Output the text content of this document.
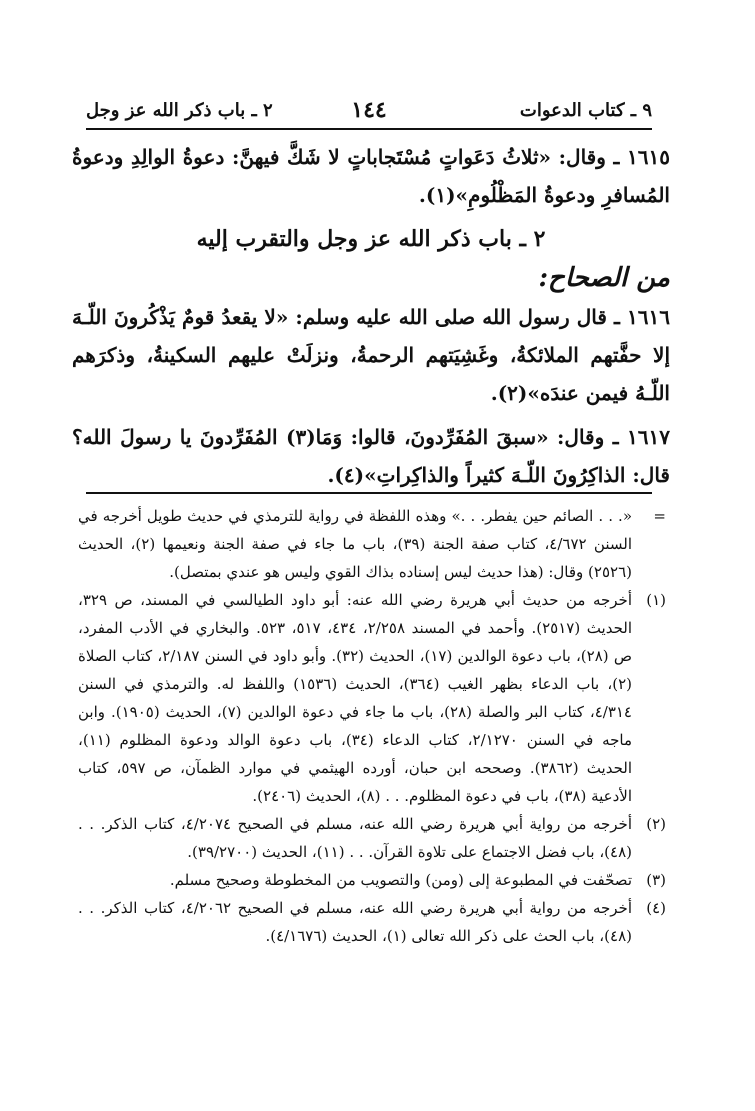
٩ ـ كتاب الدعوات
١٤٤
٢ ـ باب ذكر الله عز وجل

١٦١٥ ـ وقال: «ثلاثُ دَعَواتٍ مُسْتَجاباتٍ لا شَكَّ فيهنَّ: دعوةُ الوالِدِ ودعوةُ المُسافرِ ودعوةُ المَظْلُومِ»(١).

٢ ـ باب ذكر الله عز وجل والتقرب إليه

من الصحاح:

١٦١٦ ـ قال رسول الله صلى الله عليه وسلم: «لا يقعدُ قومٌ يَذْكُرونَ اللّـهَ إلا حفَّتهم الملائكةُ، وغَشِيَتهم الرحمةُ، ونزلَتْ عليهم السكينةُ، وذكرَهم اللّـهُ فيمن عندَه»(٢).

١٦١٧ ـ وقال: «سبقَ المُفَرِّدونَ، قالوا: وَمَا(٣) المُفَرِّدونَ يا رسولَ الله؟ قال: الذاكِرُونَ اللّـهَ كثيراً والذاكِراتِ»(٤).

=
«. . . الصائم حين يفطر. . .» وهذه اللفظة في رواية للترمذي في حديث طويل أخرجه في السنن ٤/٦٧٢، كتاب صفة الجنة (٣٩)، باب ما جاء في صفة الجنة ونعيمها (٢)، الحديث (٢٥٢٦) وقال: (هذا حديث ليس إسناده بذاك القوي وليس هو عندي بمتصل).
(١)
أخرجه من حديث أبي هريرة رضي الله عنه: أبو داود الطيالسي في المسند، ص ٣٢٩، الحديث (٢٥١٧). وأحمد في المسند ٢/٢٥٨، ٤٣٤، ٥١٧، ٥٢٣. والبخاري في الأدب المفرد، ص (٢٨)، باب دعوة الوالدين (١٧)، الحديث (٣٢). وأبو داود في السنن ٢/١٨٧، كتاب الصلاة (٢)، باب الدعاء بظهر الغيب (٣٦٤)، الحديث (١٥٣٦) واللفظ له. والترمذي في السنن ٤/٣١٤، كتاب البر والصلة (٢٨)، باب ما جاء في دعوة الوالدين (٧)، الحديث (١٩٠٥). وابن ماجه في السنن ٢/١٢٧٠، كتاب الدعاء (٣٤)، باب دعوة الوالد ودعوة المظلوم (١١)، الحديث (٣٨٦٢). وصححه ابن حبان، أورده الهيثمي في موارد الظمآن، ص ٥٩٧، كتاب الأدعية (٣٨)، باب في دعوة المظلوم. . . (٨)، الحديث (٢٤٠٦).
(٢)
أخرجه من رواية أبي هريرة رضي الله عنه، مسلم في الصحيح ٤/٢٠٧٤، كتاب الذكر. . . (٤٨)، باب فضل الاجتماع على تلاوة القرآن. . . (١١)، الحديث (٣٩/٢٧٠٠).
(٣)
تصحّفت في المطبوعة إلى (ومن) والتصويب من المخطوطة وصحيح مسلم.
(٤)
أخرجه من رواية أبي هريرة رضي الله عنه، مسلم في الصحيح ٤/٢٠٦٢، كتاب الذكر. . . (٤٨)، باب الحث على ذكر الله تعالى (١)، الحديث (٤/١٦٧٦).
